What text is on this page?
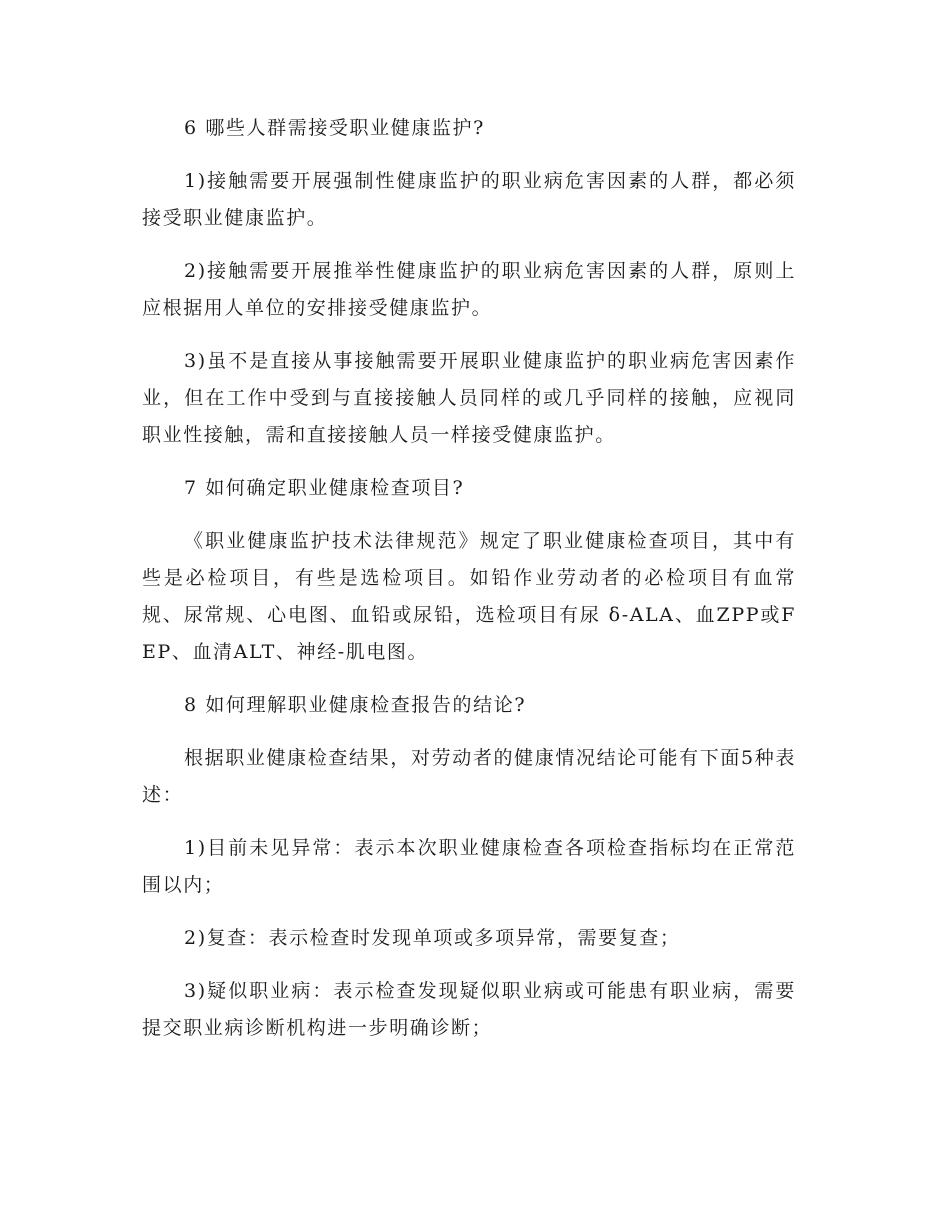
6 哪些人群需接受职业健康监护?

1)接触需要开展强制性健康监护的职业病危害因素的人群，都必须接受职业健康监护。

2)接触需要开展推举性健康监护的职业病危害因素的人群，原则上应根据用人单位的安排接受健康监护。

3)虽不是直接从事接触需要开展职业健康监护的职业病危害因素作业，但在工作中受到与直接接触人员同样的或几乎同样的接触，应视同职业性接触，需和直接接触人员一样接受健康监护。

7 如何确定职业健康检查项目?

《职业健康监护技术法律规范》规定了职业健康检查项目，其中有些是必检项目，有些是选检项目。如铅作业劳动者的必检项目有血常规、尿常规、心电图、血铅或尿铅，选检项目有尿 δ-ALA、血ZPP或FEP、血清ALT、神经-肌电图。

8 如何理解职业健康检查报告的结论?

根据职业健康检查结果，对劳动者的健康情况结论可能有下面5种表述：

1)目前未见异常：表示本次职业健康检查各项检查指标均在正常范围以内；

2)复查：表示检查时发现单项或多项异常，需要复查；

3)疑似职业病：表示检查发现疑似职业病或可能患有职业病，需要提交职业病诊断机构进一步明确诊断；
